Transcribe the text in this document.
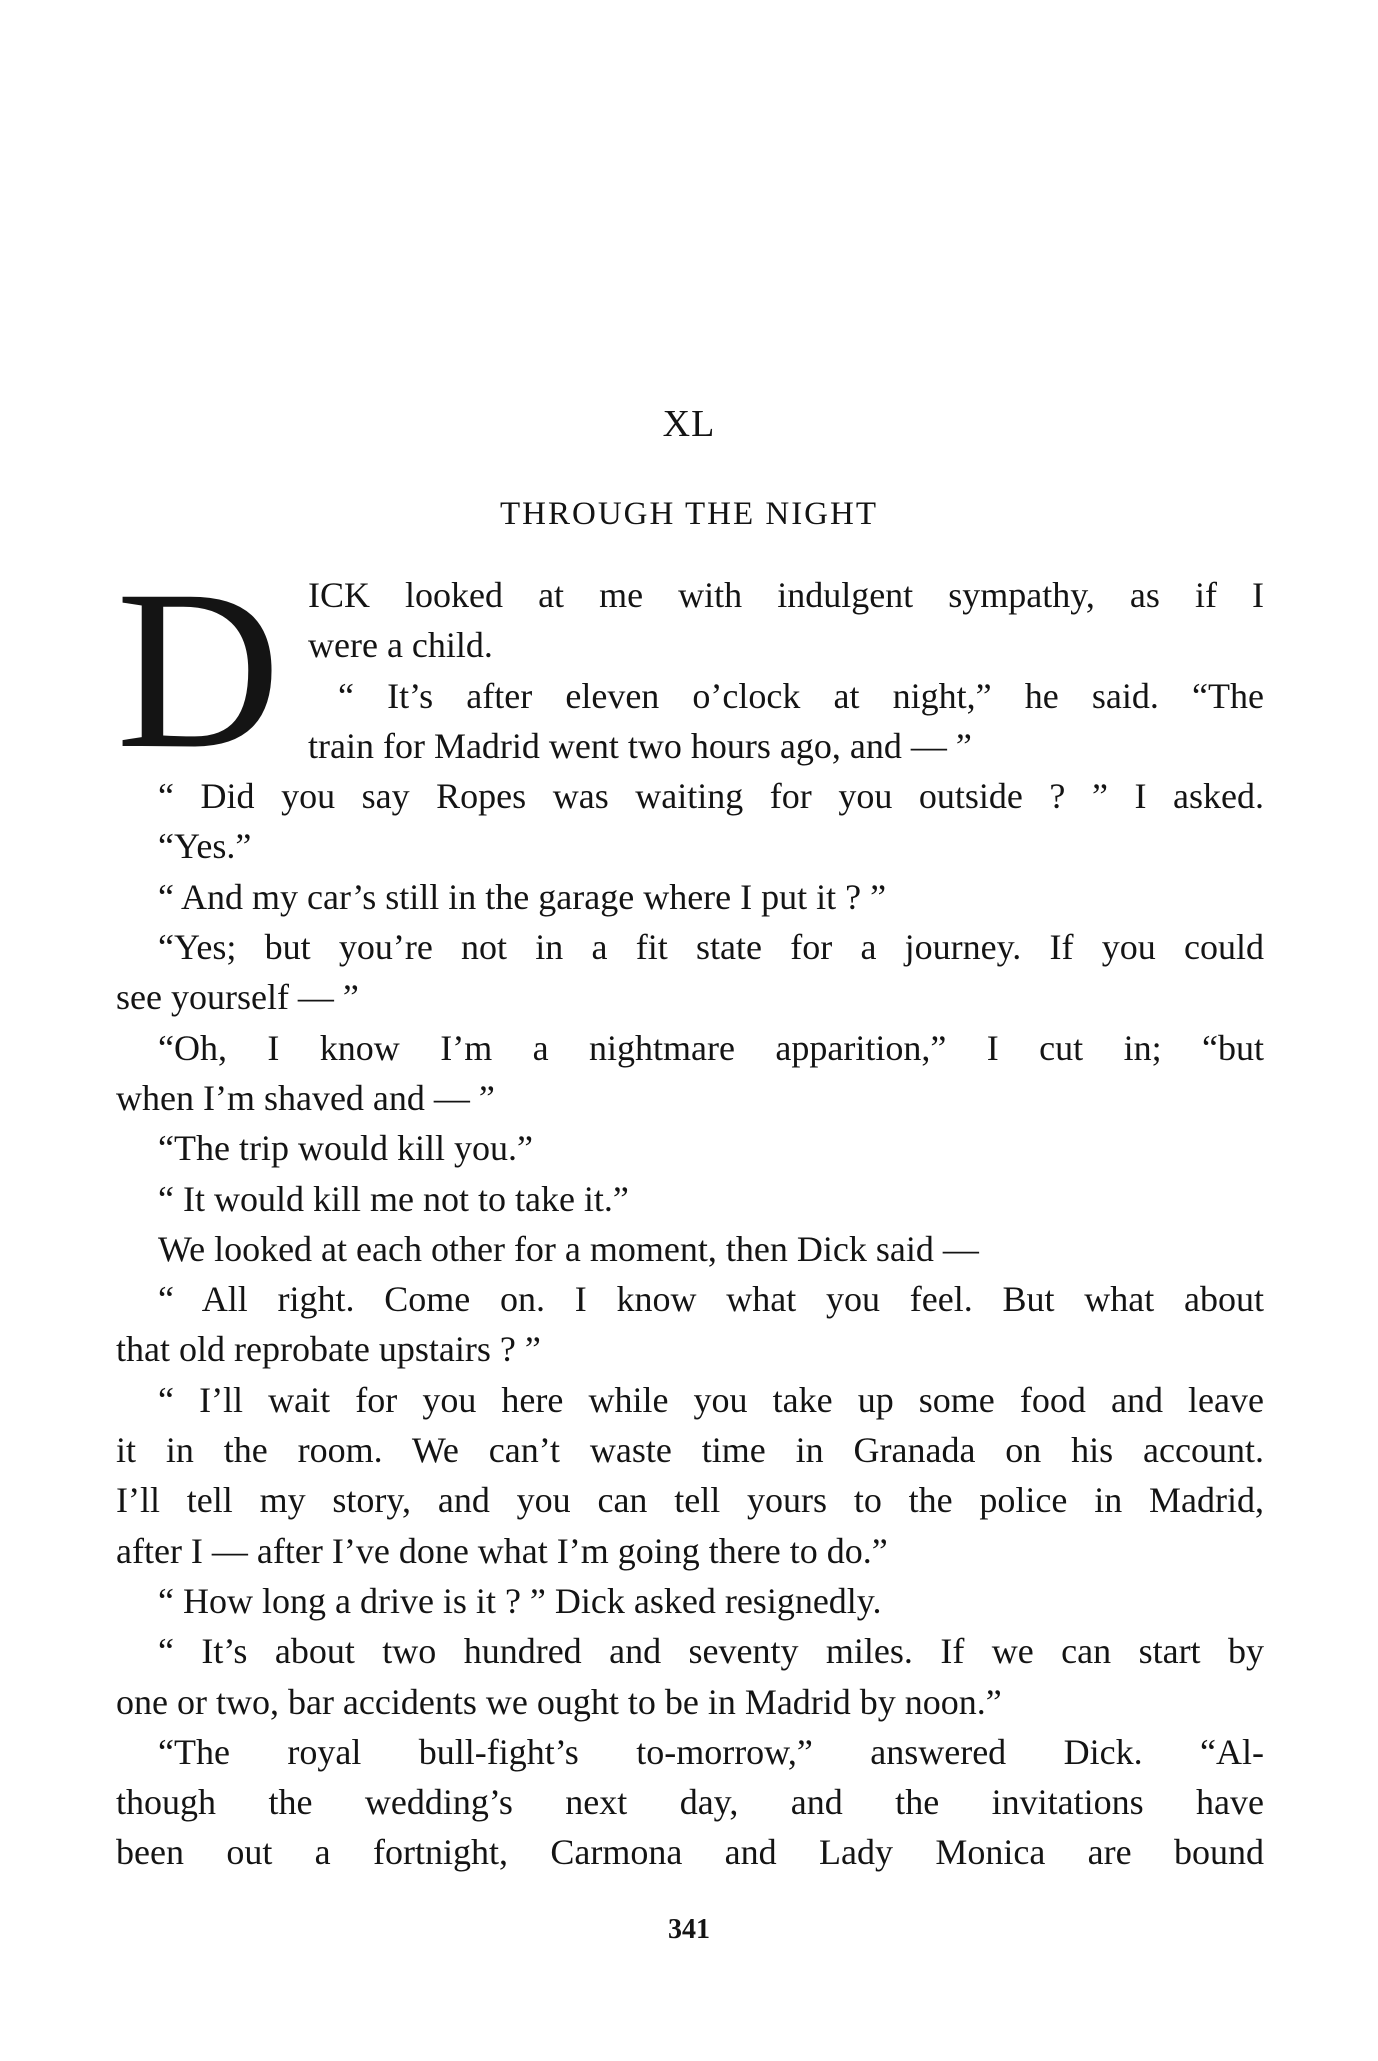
XL
THROUGH THE NIGHT
D ICK looked at me with indulgent sympathy, as if I
were a child.
“ It’s after eleven o’clock at night,” he said. “The
train for Madrid went two hours ago, and — ”
“ Did you say Ropes was waiting for you outside ? ” I asked.
“Yes.”
“ And my car’s still in the garage where I put it ? ”
“Yes; but you’re not in a fit state for a journey. If you could
see yourself — ”
“Oh, I know I’m a nightmare apparition,” I cut in; “but
when I’m shaved and — ”
“The trip would kill you.”
“ It would kill me not to take it.”
We looked at each other for a moment, then Dick said —
“ All right. Come on. I know what you feel. But what about
that old reprobate upstairs ? ”
“ I’ll wait for you here while you take up some food and leave
it in the room. We can’t waste time in Granada on his account.
I’ll tell my story, and you can tell yours to the police in Madrid,
after I — after I’ve done what I’m going there to do.”
“ How long a drive is it ? ” Dick asked resignedly.
“ It’s about two hundred and seventy miles. If we can start by
one or two, bar accidents we ought to be in Madrid by noon.”
“The royal bull-fight’s to-morrow,” answered Dick. “Al-
though the wedding’s next day, and the invitations have
been out a fortnight, Carmona and Lady Monica are bound
341
